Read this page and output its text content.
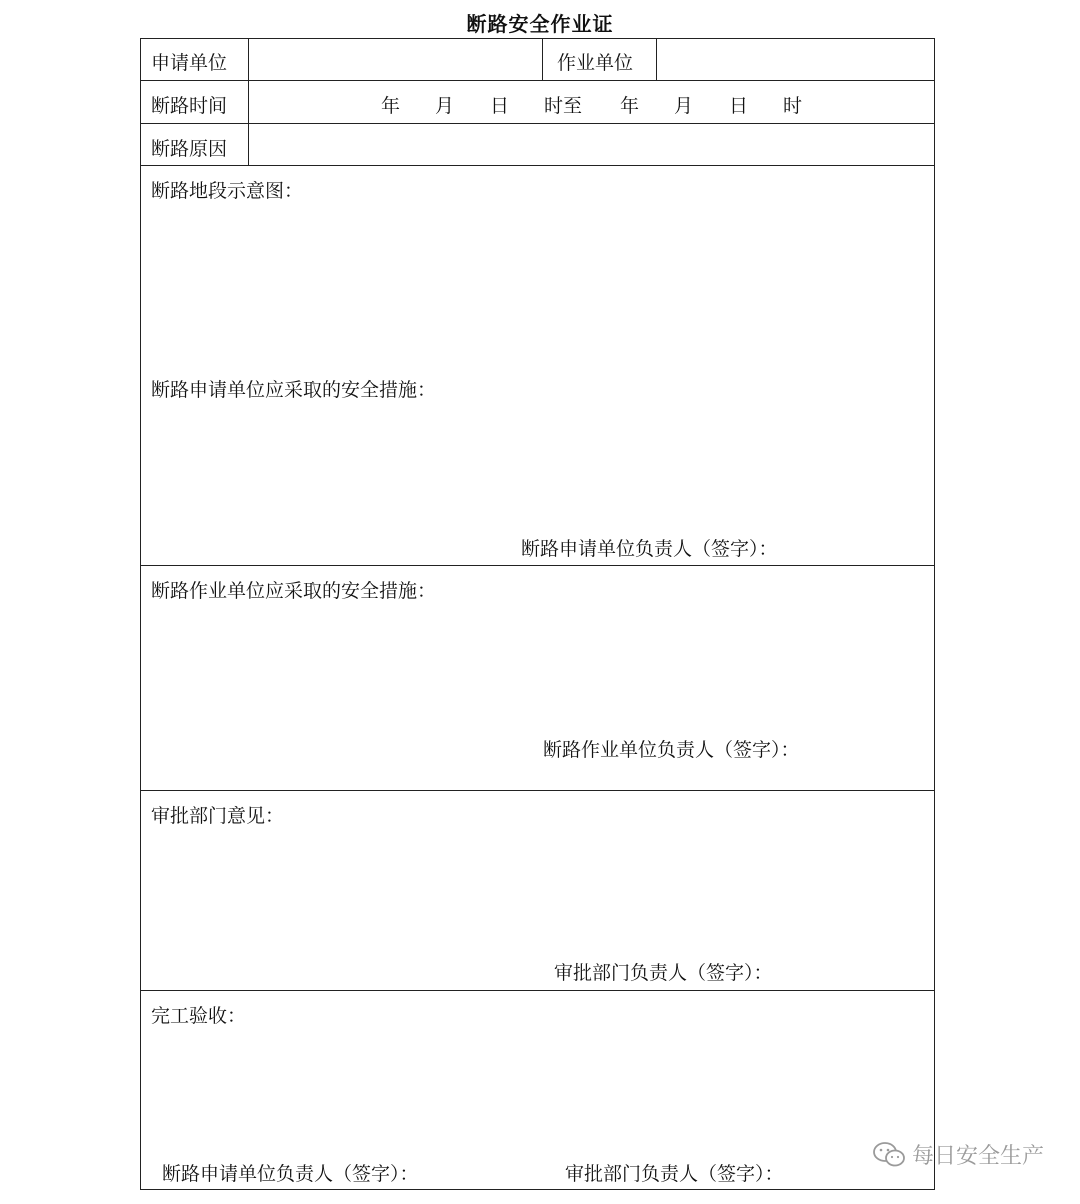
断路安全作业证
申请单位	作业单位
断路时间	年 月 日 时至 年 月 日 时
断路原因
断路地段示意图：
断路申请单位应采取的安全措施：
断路申请单位负责人（签字）：
断路作业单位应采取的安全措施：
断路作业单位负责人（签字）：
审批部门意见：
审批部门负责人（签字）：
完工验收：
断路申请单位负责人（签字）：	审批部门负责人（签字）：
每日安全生产
